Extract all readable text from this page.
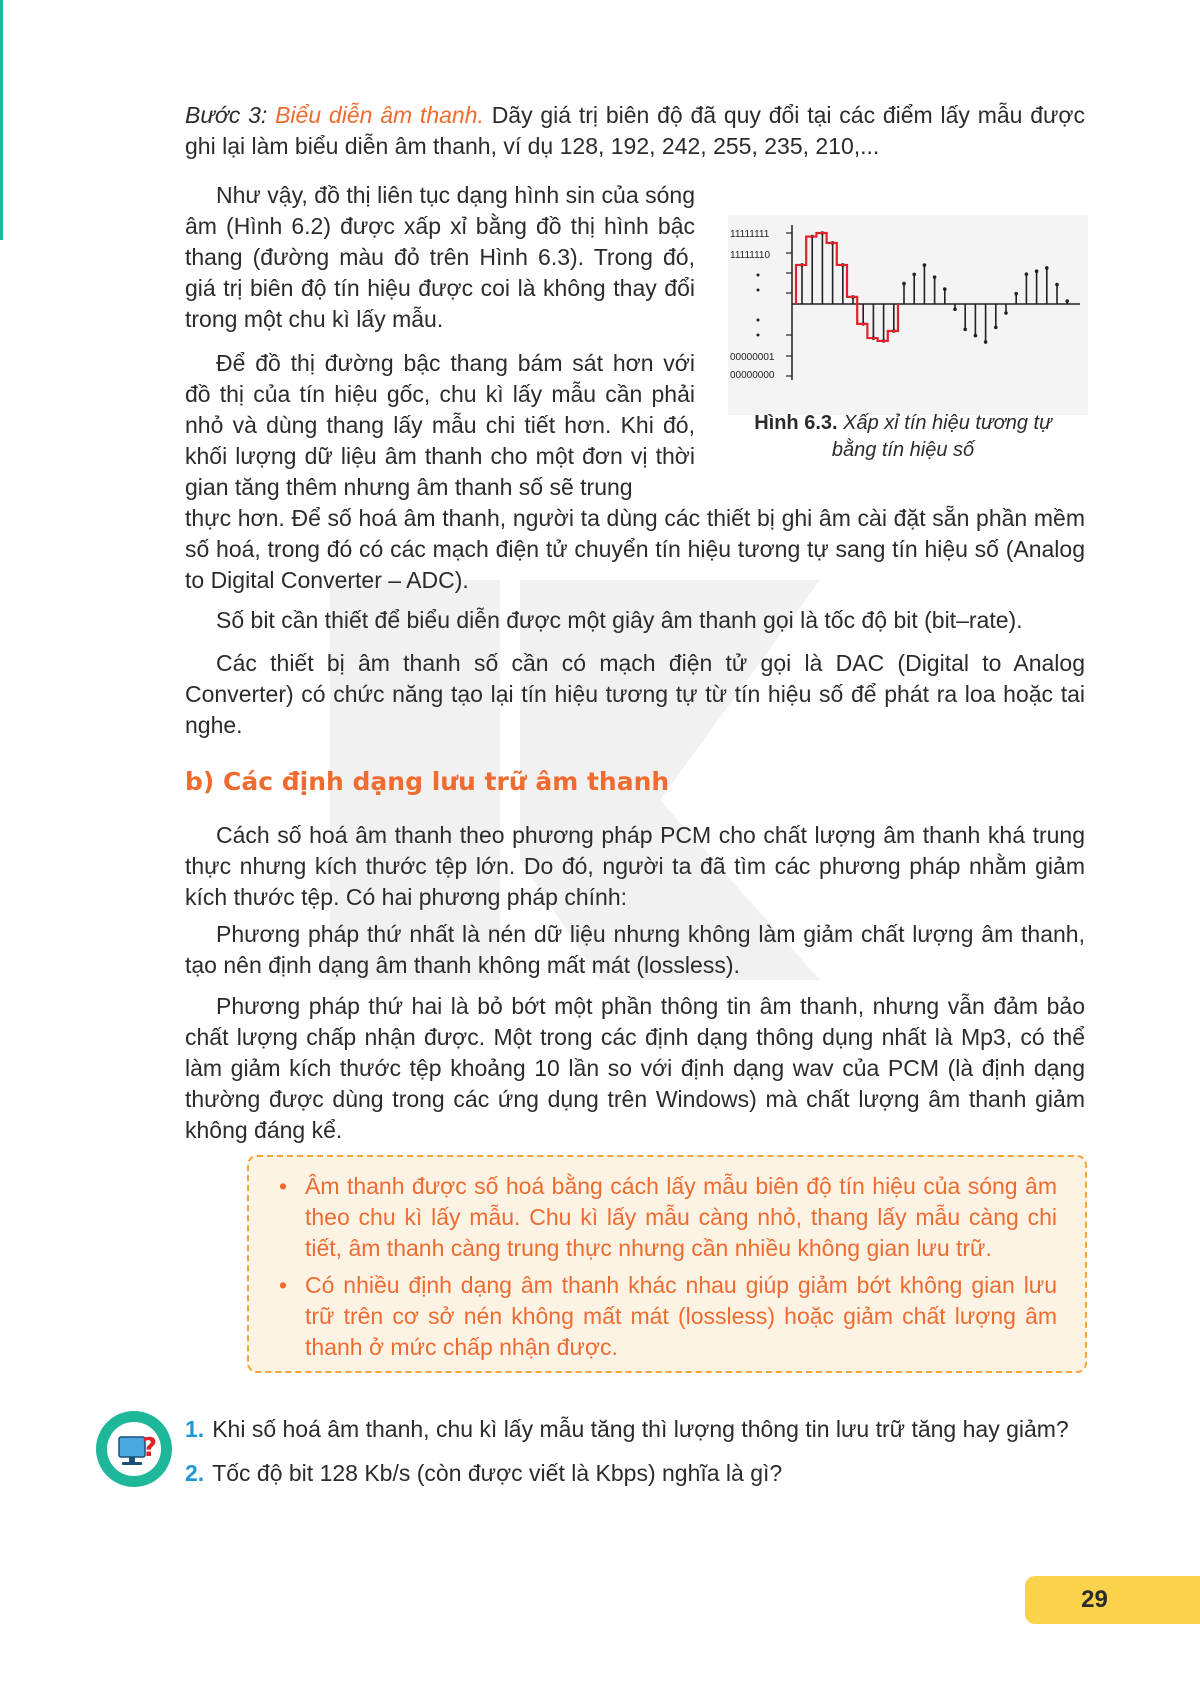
Bước 3: Biểu diễn âm thanh. Dãy giá trị biên độ đã quy đổi tại các điểm lấy mẫu được ghi lại làm biểu diễn âm thanh, ví dụ 128, 192, 242, 255, 235, 210,...

Như vậy, đồ thị liên tục dạng hình sin của sóng âm (Hình 6.2) được xấp xỉ bằng đồ thị hình bậc thang (đường màu đỏ trên Hình 6.3). Trong đó, giá trị biên độ tín hiệu được coi là không thay đổi trong một chu kì lấy mẫu.

Để đồ thị đường bậc thang bám sát hơn với đồ thị của tín hiệu gốc, chu kì lấy mẫu cần phải nhỏ và dùng thang lấy mẫu chi tiết hơn. Khi đó, khối lượng dữ liệu âm thanh cho một đơn vị thời gian tăng thêm nhưng âm thanh số sẽ trung

thực hơn. Để số hoá âm thanh, người ta dùng các thiết bị ghi âm cài đặt sẵn phần mềm số hoá, trong đó có các mạch điện tử chuyển tín hiệu tương tự sang tín hiệu số (Analog to Digital Converter – ADC).

Số bit cần thiết để biểu diễn được một giây âm thanh gọi là tốc độ bit (bit–rate).

Các thiết bị âm thanh số cần có mạch điện tử gọi là DAC (Digital to Analog Converter) có chức năng tạo lại tín hiệu tương tự từ tín hiệu số để phát ra loa hoặc tai nghe.

11111111
11111110
00000001
00000000
Hình 6.3. Xấp xỉ tín hiệu tương tự
bằng tín hiệu số
b) Các định dạng lưu trữ âm thanh

Cách số hoá âm thanh theo phương pháp PCM cho chất lượng âm thanh khá trung thực nhưng kích thước tệp lớn. Do đó, người ta đã tìm các phương pháp nhằm giảm kích thước tệp. Có hai phương pháp chính:

Phương pháp thứ nhất là nén dữ liệu nhưng không làm giảm chất lượng âm thanh, tạo nên định dạng âm thanh không mất mát (lossless).

Phương pháp thứ hai là bỏ bớt một phần thông tin âm thanh, nhưng vẫn đảm bảo chất lượng chấp nhận được. Một trong các định dạng thông dụng nhất là Mp3, có thể làm giảm kích thước tệp khoảng 10 lần so với định dạng wav của PCM (là định dạng thường được dùng trong các ứng dụng trên Windows) mà chất lượng âm thanh giảm không đáng kể.

• Âm thanh được số hoá bằng cách lấy mẫu biên độ tín hiệu của sóng âm theo chu kì lấy mẫu. Chu kì lấy mẫu càng nhỏ, thang lấy mẫu càng chi tiết, âm thanh càng trung thực nhưng cần nhiều không gian lưu trữ.

• Có nhiều định dạng âm thanh khác nhau giúp giảm bớt không gian lưu trữ trên cơ sở nén không mất mát (lossless) hoặc giảm chất lượng âm thanh ở mức chấp nhận được.

?
1. Khi số hoá âm thanh, chu kì lấy mẫu tăng thì lượng thông tin lưu trữ tăng hay giảm?
2. Tốc độ bit 128 Kb/s (còn được viết là Kbps) nghĩa là gì?
29
